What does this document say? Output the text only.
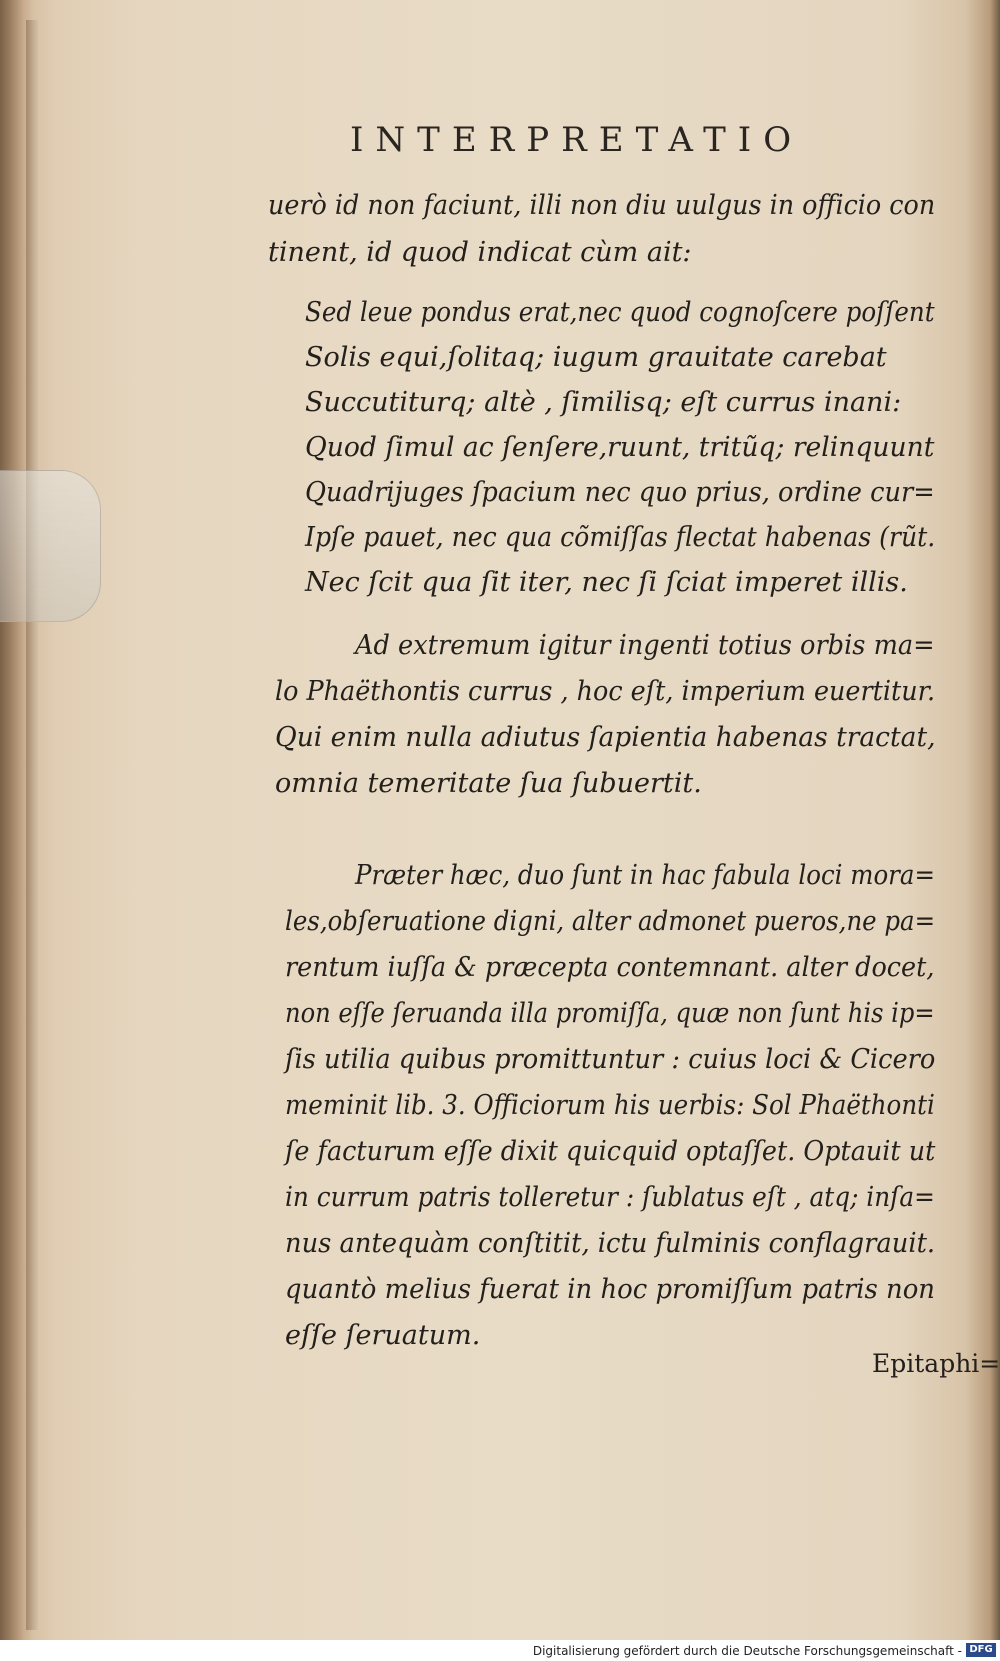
INTERPRETATIO
uerò id non faciunt, illi non diu uulgus in officio con
tinent, id quod indicat cùm ait:
Sed leue pondus erat,nec quod cognoſcere poſſent
Solis equi,ſolitaq; iugum grauitate carebat
Succutiturq; altè , ſimilisq; eſt currus inani:
Quod ſimul ac ſenſere,ruunt, tritũq; relinquunt
Quadrijuges ſpacium nec quo prius, ordine cur=
Ipſe pauet, nec qua cõmiſſas flectat habenas (rũt.
Nec ſcit qua ſit iter, nec ſi ſciat imperet illis.
Ad extremum igitur ingenti totius orbis ma=
lo Phaëthontis currus , hoc eſt, imperium euertitur.
Qui enim nulla adiutus ſapientia habenas tractat,
omnia temeritate ſua ſubuertit.
Præter hæc, duo ſunt in hac fabula loci mora=
les,obſeruatione digni, alter admonet pueros,ne pa=
rentum iuſſa & præcepta contemnant. alter docet,
non eſſe ſeruanda illa promiſſa, quæ non ſunt his ip=
ſis utilia quibus promittuntur : cuius loci & Cicero
meminit lib. 3. Officiorum his uerbis: Sol Phaëthonti
ſe facturum eſſe dixit quicquid optaſſet. Optauit ut
in currum patris tolleretur : ſublatus eſt , atq; inſa=
nus antequàm conſtitit, ictu fulminis conflagrauit.
quantò melius fuerat in hoc promiſſum patris non
eſſe ſeruatum.
Epitaphi=
Digitalisierung gefördert durch die Deutsche Forschungsgemeinschaft - DFG
